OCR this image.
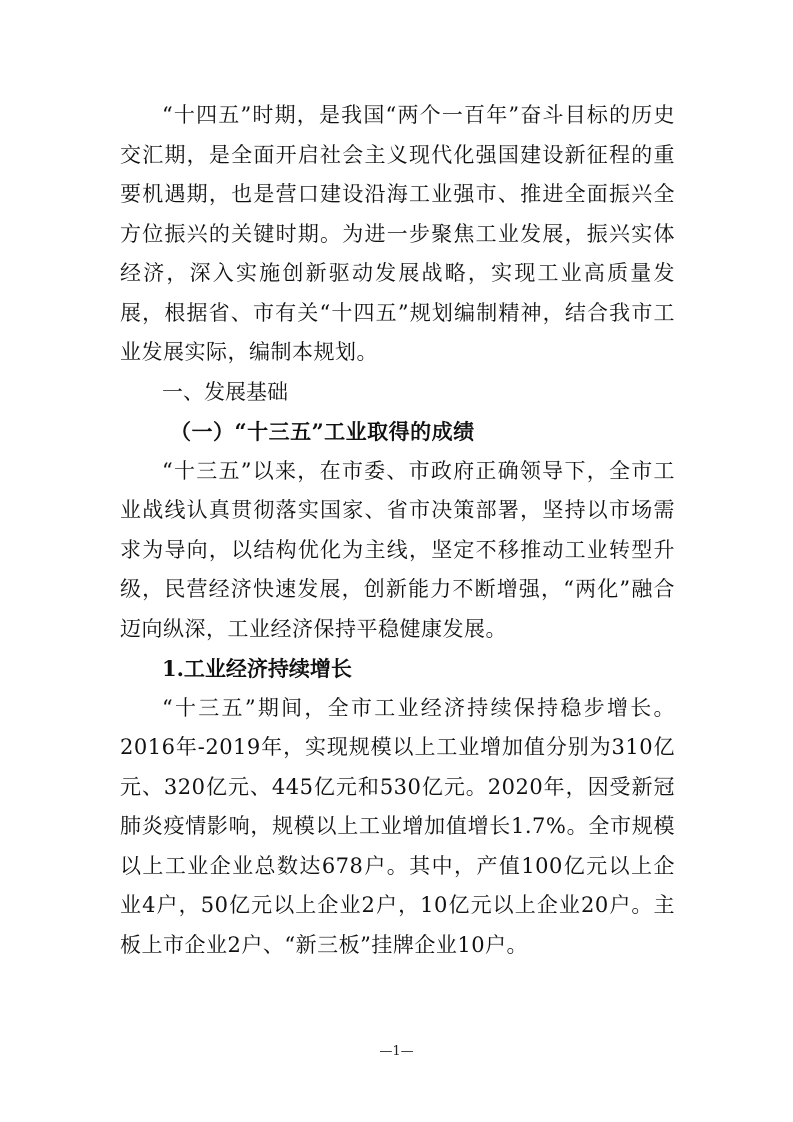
“十四五”时期，是我国“两个一百年”奋斗目标的历史交汇期，是全面开启社会主义现代化强国建设新征程的重要机遇期，也是营口建设沿海工业强市、推进全面振兴全方位振兴的关键时期。为进一步聚焦工业发展，振兴实体经济，深入实施创新驱动发展战略，实现工业高质量发展，根据省、市有关“十四五”规划编制精神，结合我市工业发展实际，编制本规划。

一、发展基础
（一）“十三五”工业取得的成绩

“十三五”以来，在市委、市政府正确领导下，全市工业战线认真贯彻落实国家、省市决策部署，坚持以市场需求为导向，以结构优化为主线，坚定不移推动工业转型升级，民营经济快速发展，创新能力不断增强，“两化”融合迈向纵深，工业经济保持平稳健康发展。

1.工业经济持续增长

“十三五”期间，全市工业经济持续保持稳步增长。2016年-2019年，实现规模以上工业增加值分别为310亿元、320亿元、445亿元和530亿元。2020年，因受新冠肺炎疫情影响，规模以上工业增加值增长1.7%。全市规模以上工业企业总数达678户。其中，产值100亿元以上企业4户，50亿元以上企业2户，10亿元以上企业20户。主板上市企业2户、“新三板”挂牌企业10户。

—1—
